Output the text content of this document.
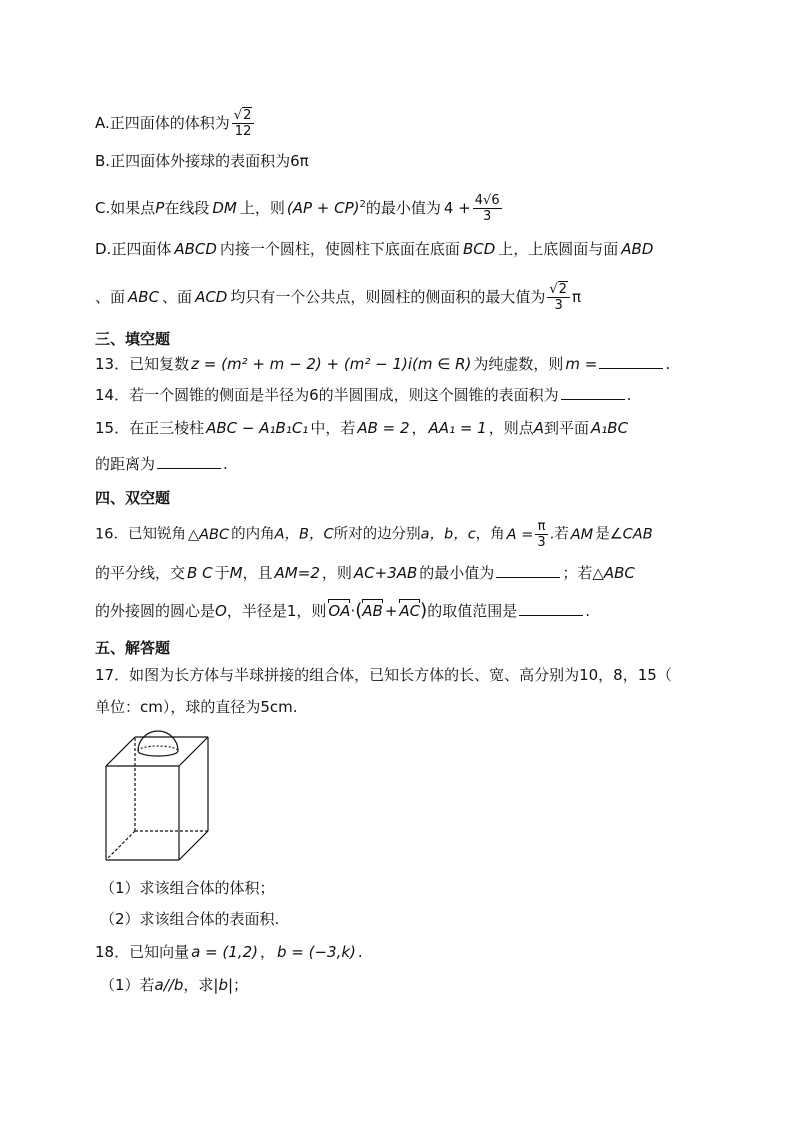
A.正四面体的体积为 $\frac{√2}{12}$
B.正四面体外接球的表面积为6π
C.如果点P在线段 DM 上，则 (AP + CP)$^2$的最小值为 $4 + \frac{4√6}{3}$
D.正四面体 ABCD 内接一个圆柱，使圆柱下底面在底面 BCD 上，上底圆面与面 ABD
、面 ABC 、面 ACD 均只有一个公共点，则圆柱的侧面积的最大值为 $\frac{√2}{3}$ π
三、填空题
13．已知复数 z = (m² + m − 2) + (m² − 1)i(m ∈ R) 为纯虚数，则 m =	.
14．若一个圆锥的侧面是半径为6的半圆围成，则这个圆锥的表面积为	.
15．在正三棱柱 ABC − A₁B₁C₁ 中，若 AB = 2 ， AA₁ = 1 ，则点A到平面 A₁BC
的距离为	.
四、双空题
16．已知锐角 △ABC 的内角A，B，C所对的边分别a，b，c，角 $A = \frac{\pi}{3}$ .若 AM 是∠CAB
的平分线，交 B C 于M，且 AM=2 ，则 AC+3AB 的最小值为	；若△ABC
的外接圆的圆心是O，半径是1，则 OA·(AB + AC)的取值范围是	.
五、解答题
17．如图为长方体与半球拼接的组合体，已知长方体的长、宽、高分别为10，8，15（
单位：cm），球的直径为5cm.
（1）求该组合体的体积；
（2）求该组合体的表面积.
18．已知向量 a = (1,2) ， b = (−3,k) .
（1）若a//b，求|b|；
